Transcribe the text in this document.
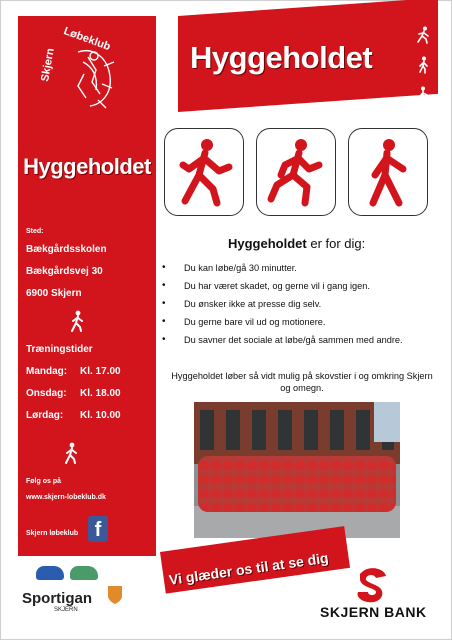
Løbeklub
Skjern
Hyggeholdet
Sted:
Bækgårdsskolen
Bækgårdsvej 30
6900 Skjern
Træningstider
Mandag: Kl. 17.00
Onsdag: Kl. 18.00
Lørdag: Kl. 10.00
Følg os på
www.skjern-lobeklub.dk
Skjern løbeklub f
Hyggeholdet
Hyggeholdet er for dig:
• Du kan løbe/gå 30 minutter.
• Du har været skadet, og gerne vil i gang igen.
• Du ønsker ikke at presse dig selv.
• Du gerne bare vil ud og motionere.
• Du savner det sociale at løbe/gå sammen med andre.
Hyggeholdet løber så vidt mulig på skovstier i og omkring Skjern og omegn.
Vi glæder os til at se dig
Sportigan
SKJERN	SKJERN BANK
